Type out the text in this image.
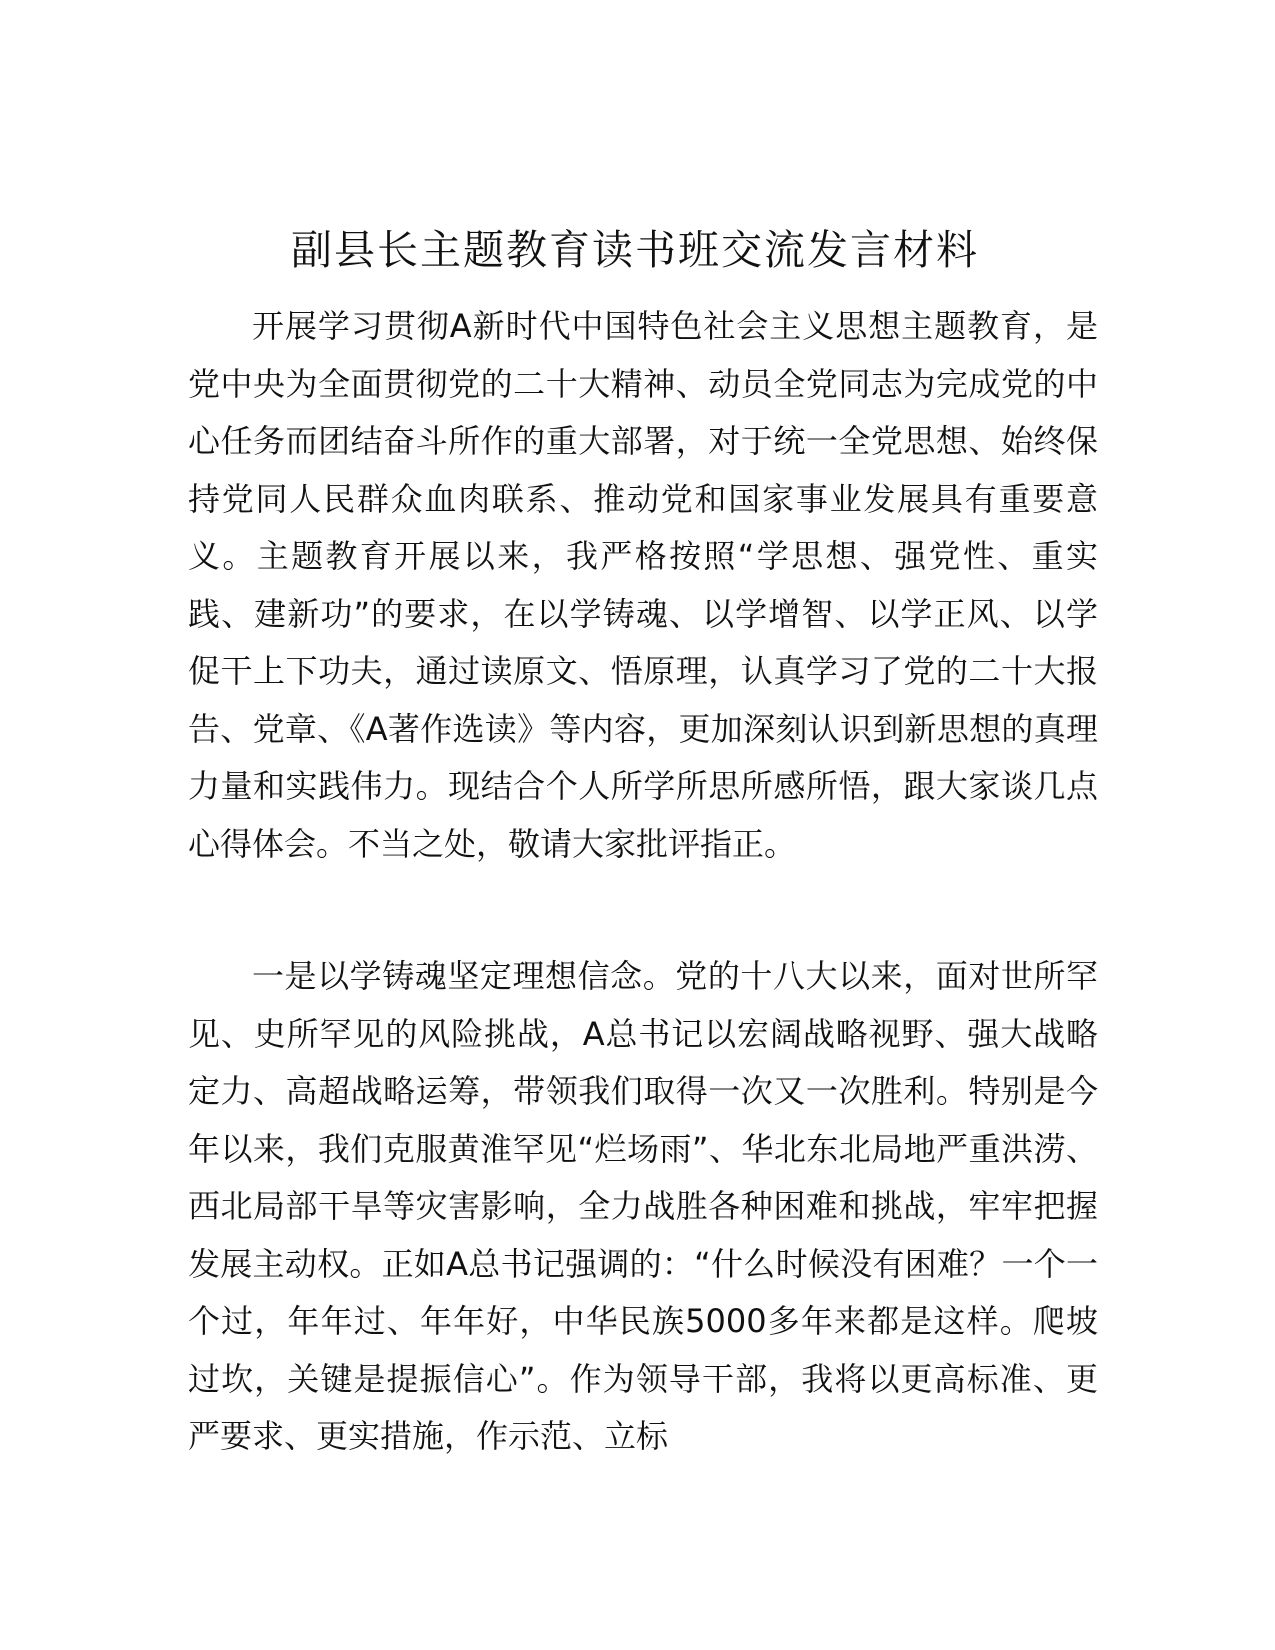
副县长主题教育读书班交流发言材料

开展学习贯彻A新时代中国特色社会主义思想主题教育，是党中央为全面贯彻党的二十大精神、动员全党同志为完成党的中心任务而团结奋斗所作的重大部署，对于统一全党思想、始终保持党同人民群众血肉联系、推动党和国家事业发展具有重要意义。主题教育开展以来，我严格按照“学思想、强党性、重实践、建新功”的要求，在以学铸魂、以学增智、以学正风、以学促干上下功夫，通过读原文、悟原理，认真学习了党的二十大报告、党章、《A著作选读》等内容，更加深刻认识到新思想的真理力量和实践伟力。现结合个人所学所思所感所悟，跟大家谈几点心得体会。不当之处，敬请大家批评指正。

一是以学铸魂坚定理想信念。党的十八大以来，面对世所罕见、史所罕见的风险挑战，A总书记以宏阔战略视野、强大战略定力、高超战略运筹，带领我们取得一次又一次胜利。特别是今年以来，我们克服黄淮罕见“烂场雨”、华北东北局地严重洪涝、西北局部干旱等灾害影响，全力战胜各种困难和挑战，牢牢把握发展主动权。正如A总书记强调的：“什么时候没有困难？一个一个过，年年过、年年好，中华民族5000多年来都是这样。爬坡过坎，关键是提振信心”。作为领导干部，我将以更高标准、更严要求、更实措施，作示范、立标
